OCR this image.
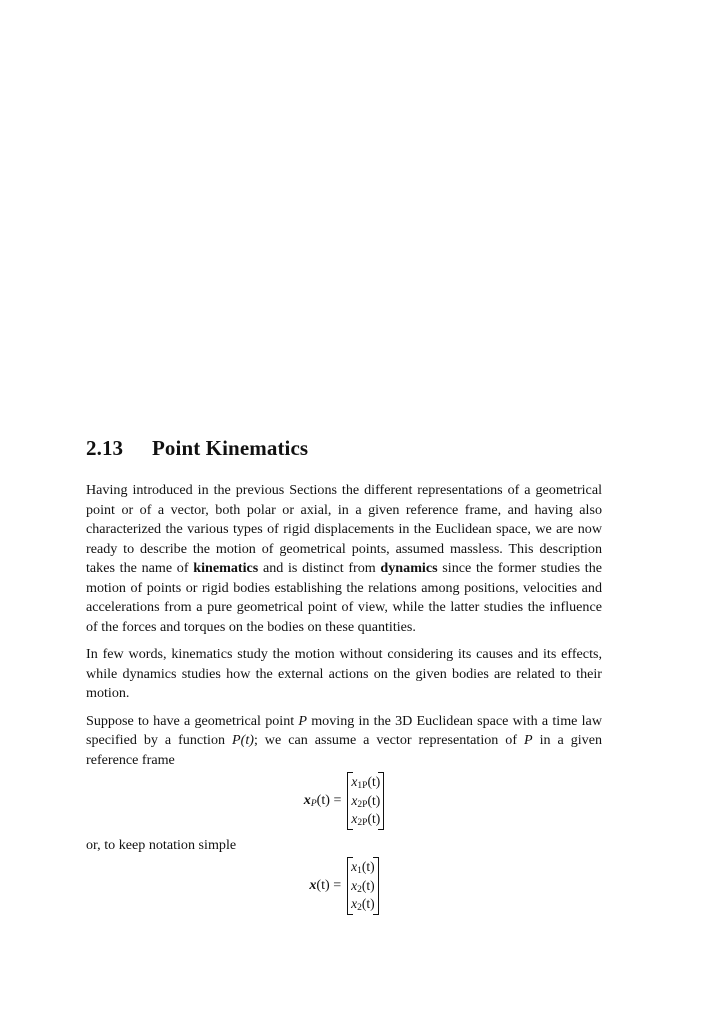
2.13 Point Kinematics

Having introduced in the previous Sections the different representations of a geometrical point or of a vector, both polar or axial, in a given reference frame, and having also characterized the various types of rigid displacements in the Euclidean space, we are now ready to describe the motion of geometrical points, assumed massless. This description takes the name of kinematics and is distinct from dynamics since the former studies the motion of points or rigid bodies establishing the relations among positions, velocities and accelerations from a pure geometrical point of view, while the latter studies the influence of the forces and torques on the bodies on these quantities.

In few words, kinematics study the motion without considering its causes and its effects, while dynamics studies how the external actions on the given bodies are related to their motion.

Suppose to have a geometrical point P moving in the 3D Euclidean space with a time law specified by a function P(t); we can assume a vector representation of P in a given reference frame

$x_P(t)$ =
$x_{1P}(t)$
$x_{2P}(t)$
$x_{2P}(t)$

or, to keep notation simple

x(t) =
$x_1(t)$
$x_2(t)$
$x_2(t)$
